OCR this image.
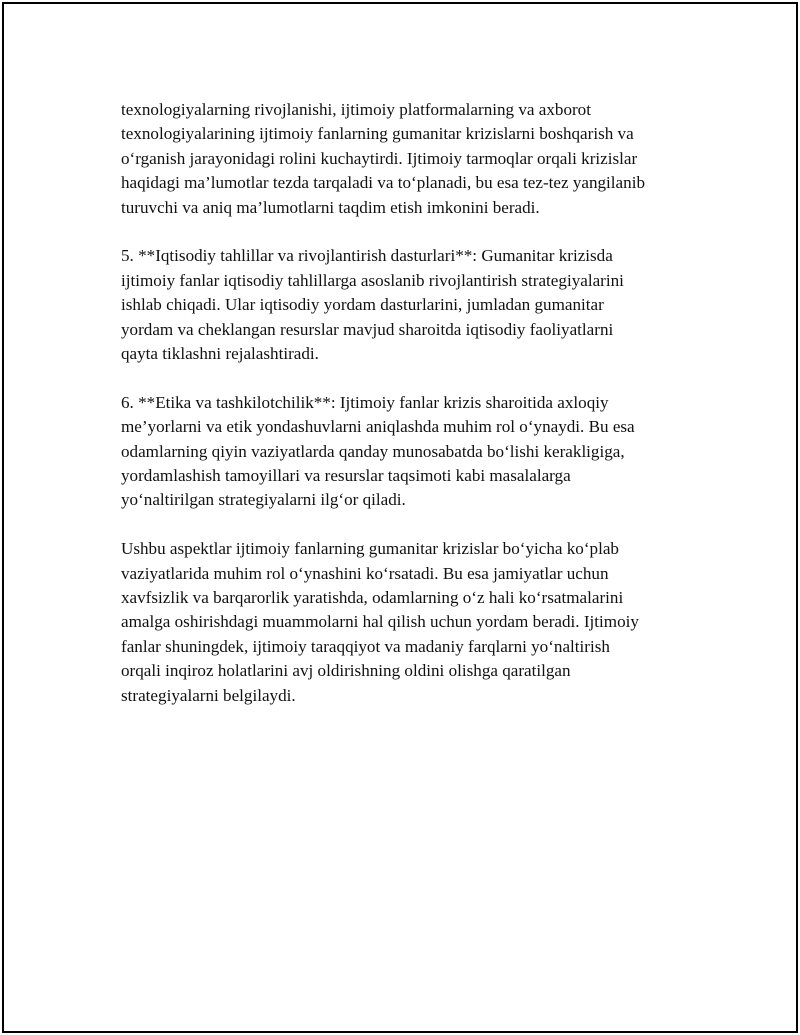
texnologiyalarning rivojlanishi, ijtimoiy platformalarning va axborot
texnologiyalarining ijtimoiy fanlarning gumanitar krizislarni boshqarish va
o‘rganish jarayonidagi rolini kuchaytirdi. Ijtimoiy tarmoqlar orqali krizislar
haqidagi ma’lumotlar tezda tarqaladi va to‘planadi, bu esa tez-tez yangilanib
turuvchi va aniq ma’lumotlarni taqdim etish imkonini beradi.

5. **Iqtisodiy tahlillar va rivojlantirish dasturlari**: Gumanitar krizisda
ijtimoiy fanlar iqtisodiy tahlillarga asoslanib rivojlantirish strategiyalarini
ishlab chiqadi. Ular iqtisodiy yordam dasturlarini, jumladan gumanitar
yordam va cheklangan resurslar mavjud sharoitda iqtisodiy faoliyatlarni
qayta tiklashni rejalashtiradi.

6. **Etika va tashkilotchilik**: Ijtimoiy fanlar krizis sharoitida axloqiy
me’yorlarni va etik yondashuvlarni aniqlashda muhim rol o‘ynaydi. Bu esa
odamlarning qiyin vaziyatlarda qanday munosabatda bo‘lishi kerakligiga,
yordamlashish tamoyillari va resurslar taqsimoti kabi masalalarga
yo‘naltirilgan strategiyalarni ilg‘or qiladi.

Ushbu aspektlar ijtimoiy fanlarning gumanitar krizislar bo‘yicha ko‘plab
vaziyatlarida muhim rol o‘ynashini ko‘rsatadi. Bu esa jamiyatlar uchun
xavfsizlik va barqarorlik yaratishda, odamlarning o‘z hali ko‘rsatmalarini
amalga oshirishdagi muammolarni hal qilish uchun yordam beradi. Ijtimoiy
fanlar shuningdek, ijtimoiy taraqqiyot va madaniy farqlarni yo‘naltirish
orqali inqiroz holatlarini avj oldirishning oldini olishga qaratilgan
strategiyalarni belgilaydi.
